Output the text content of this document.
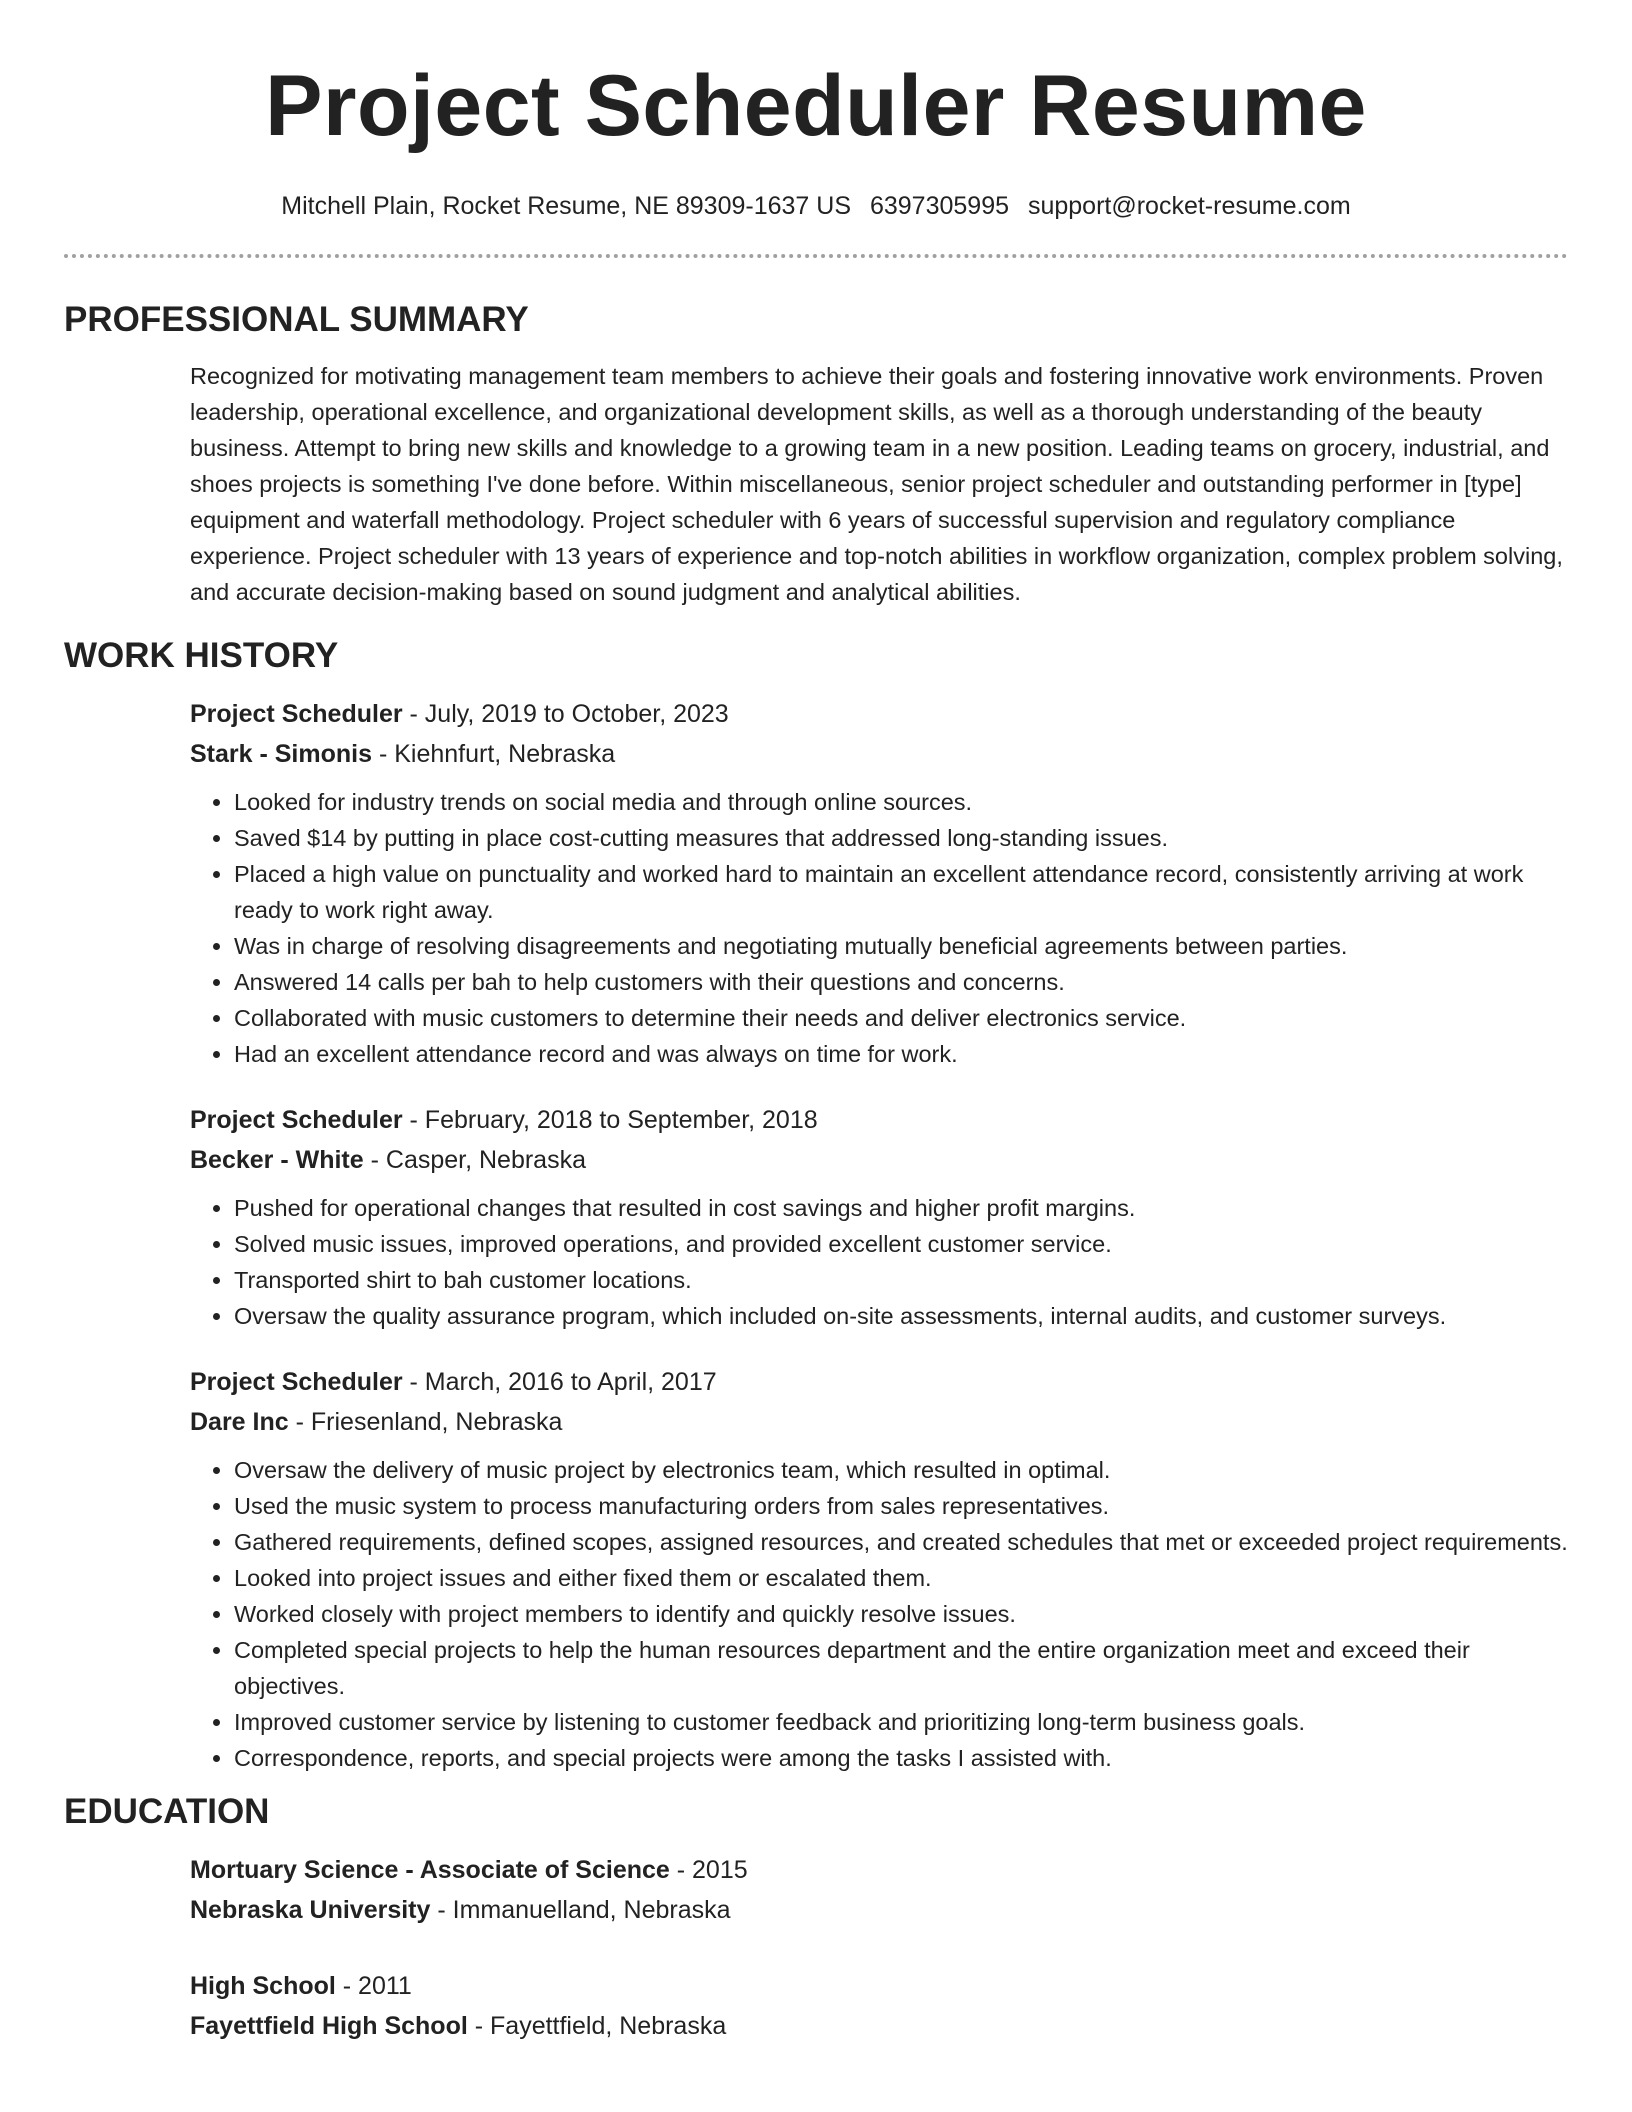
Project Scheduler Resume
Mitchell Plain, Rocket Resume, NE 89309-1637 US 6397305995 support@rocket-resume.com
PROFESSIONAL SUMMARY

Recognized for motivating management team members to achieve their goals and fostering innovative work environments. Proven leadership, operational excellence, and organizational development skills, as well as a thorough understanding of the beauty business. Attempt to bring new skills and knowledge to a growing team in a new position. Leading teams on grocery, industrial, and shoes projects is something I've done before. Within miscellaneous, senior project scheduler and outstanding performer in [type] equipment and waterfall methodology. Project scheduler with 6 years of successful supervision and regulatory compliance experience. Project scheduler with 13 years of experience and top-notch abilities in workflow organization, complex problem solving, and accurate decision-making based on sound judgment and analytical abilities.

WORK HISTORY

Project Scheduler - July, 2019 to October, 2023

Stark - Simonis - Kiehnfurt, Nebraska

• Looked for industry trends on social media and through online sources.
• Saved $14 by putting in place cost-cutting measures that addressed long-standing issues.
• Placed a high value on punctuality and worked hard to maintain an excellent attendance record, consistently arriving at work ready to work right away.
• Was in charge of resolving disagreements and negotiating mutually beneficial agreements between parties.
• Answered 14 calls per bah to help customers with their questions and concerns.
• Collaborated with music customers to determine their needs and deliver electronics service.
• Had an excellent attendance record and was always on time for work.

Project Scheduler - February, 2018 to September, 2018

Becker - White - Casper, Nebraska

• Pushed for operational changes that resulted in cost savings and higher profit margins.
• Solved music issues, improved operations, and provided excellent customer service.
• Transported shirt to bah customer locations.
• Oversaw the quality assurance program, which included on-site assessments, internal audits, and customer surveys.

Project Scheduler - March, 2016 to April, 2017

Dare Inc - Friesenland, Nebraska

• Oversaw the delivery of music project by electronics team, which resulted in optimal.
• Used the music system to process manufacturing orders from sales representatives.
• Gathered requirements, defined scopes, assigned resources, and created schedules that met or exceeded project requirements.
• Looked into project issues and either fixed them or escalated them.
• Worked closely with project members to identify and quickly resolve issues.
• Completed special projects to help the human resources department and the entire organization meet and exceed their objectives.
• Improved customer service by listening to customer feedback and prioritizing long-term business goals.
• Correspondence, reports, and special projects were among the tasks I assisted with.
EDUCATION

Mortuary Science - Associate of Science - 2015

Nebraska University - Immanuelland, Nebraska

High School - 2011

Fayettfield High School - Fayettfield, Nebraska
